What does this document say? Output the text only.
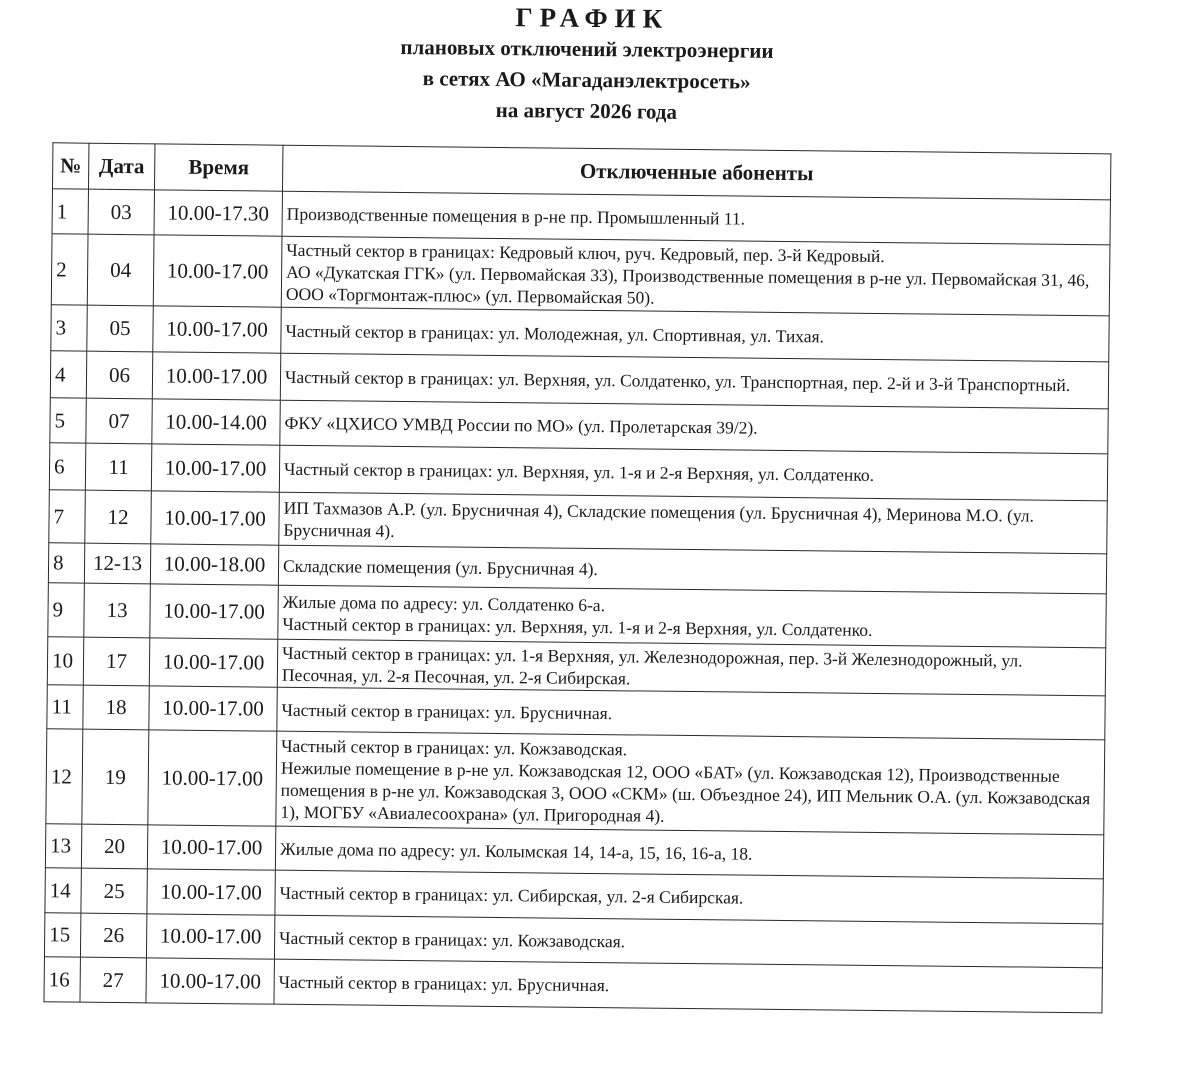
ГРАФИК
плановых отключений электроэнергии
в сетях АО «Магаданэлектросеть»
на август 2026 года
№	Дата	Время	Отключенные абоненты
1	03	10.00-17.30	Производственные помещения в р-не пр. Промышленный 11.
2	04	10.00-17.00	Частный сектор в границах: Кедровый ключ, руч. Кедровый, пер. 3-й Кедровый.
АО «Дукатская ГГК» (ул. Первомайская 33), Производственные помещения в р-не ул. Первомайская 31, 46, ООО «Торгмонтаж-плюс» (ул. Первомайская 50).
3	05	10.00-17.00	Частный сектор в границах: ул. Молодежная, ул. Спортивная, ул. Тихая.
4	06	10.00-17.00	Частный сектор в границах: ул. Верхняя, ул. Солдатенко, ул. Транспортная, пер. 2-й и 3-й Транспортный.
5	07	10.00-14.00	ФКУ «ЦХИСО УМВД России по МО» (ул. Пролетарская 39/2).
6	11	10.00-17.00	Частный сектор в границах: ул. Верхняя, ул. 1-я и 2-я Верхняя, ул. Солдатенко.
7	12	10.00-17.00	ИП Тахмазов А.Р. (ул. Брусничная 4), Складские помещения (ул. Брусничная 4), Меринова М.О. (ул. Брусничная 4).
8	12-13	10.00-18.00	Складские помещения (ул. Брусничная 4).
9	13	10.00-17.00	Жилые дома по адресу: ул. Солдатенко 6-а.
Частный сектор в границах: ул. Верхняя, ул. 1-я и 2-я Верхняя, ул. Солдатенко.
10	17	10.00-17.00	Частный сектор в границах: ул. 1-я Верхняя, ул. Железнодорожная, пер. 3-й Железнодорожный, ул. Песочная, ул. 2-я Песочная, ул. 2-я Сибирская.
11	18	10.00-17.00	Частный сектор в границах: ул. Брусничная.
12	19	10.00-17.00	Частный сектор в границах: ул. Кожзаводская.
Нежилые помещение в р-не ул. Кожзаводская 12, ООО «БАТ» (ул. Кожзаводская 12), Производственные помещения в р-не ул. Кожзаводская 3, ООО «СКМ» (ш. Объездное 24), ИП Мельник О.А. (ул. Кожзаводская 1), МОГБУ «Авиалесоохрана» (ул. Пригородная 4).
13	20	10.00-17.00	Жилые дома по адресу: ул. Колымская 14, 14-а, 15, 16, 16-а, 18.
14	25	10.00-17.00	Частный сектор в границах: ул. Сибирская, ул. 2-я Сибирская.
15	26	10.00-17.00	Частный сектор в границах: ул. Кожзаводская.
16	27	10.00-17.00	Частный сектор в границах: ул. Брусничная.
